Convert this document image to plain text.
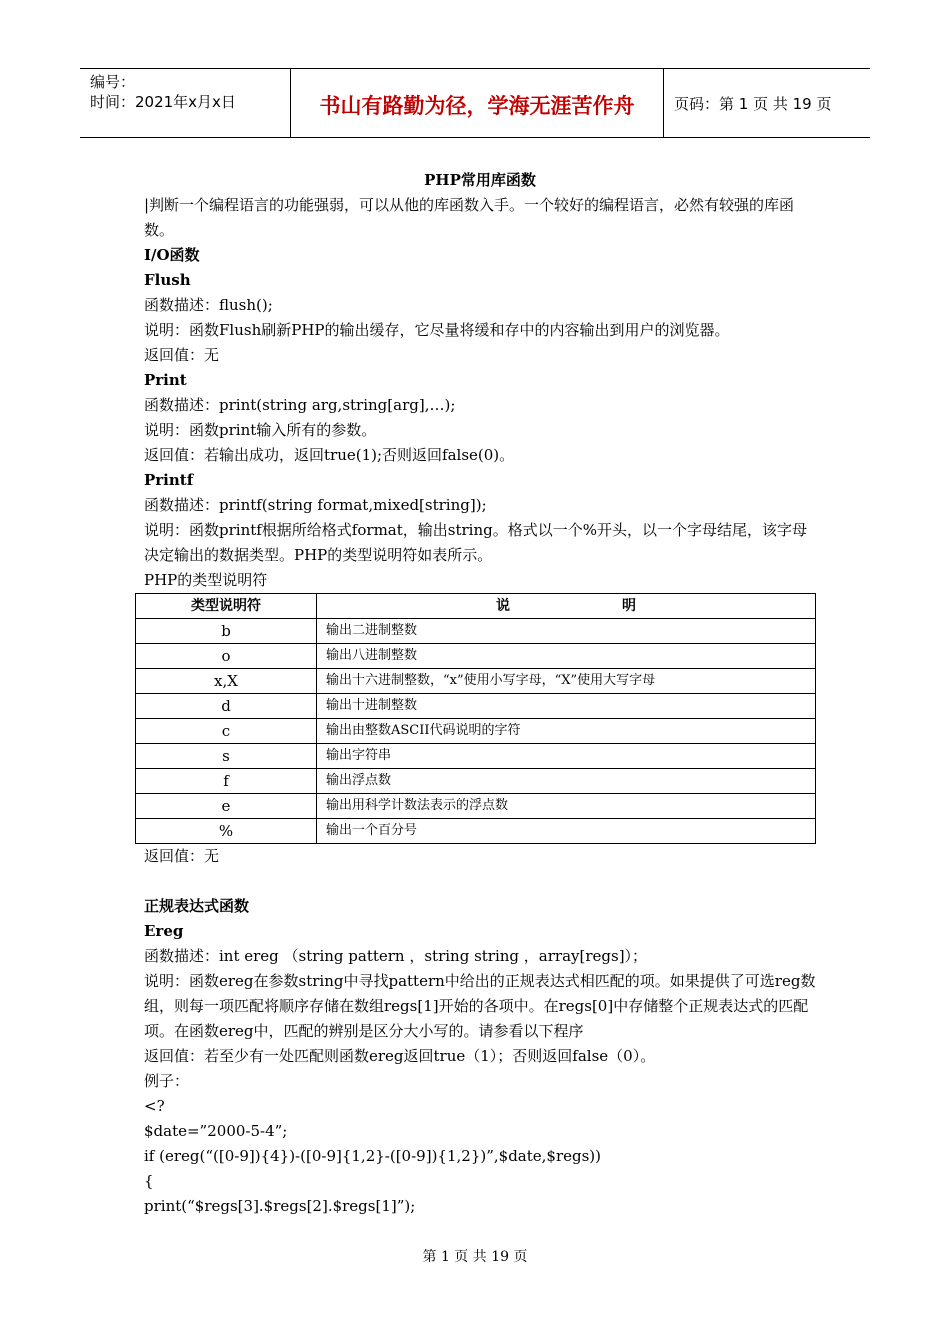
编号：
时间：2021年x月x日	书山有路勤为径，学海无涯苦作舟	页码：第 1 页 共 19 页
PHP常用库函数
|判断一个编程语言的功能强弱，可以从他的库函数入手。一个较好的编程语言，必然有较强的库函数。
I/O函数
Flush
函数描述：flush();
说明：函数Flush刷新PHP的输出缓存，它尽量将缓和存中的内容输出到用户的浏览器。
返回值：无
Print
函数描述：print(string arg,string[arg],…);
说明：函数print输入所有的参数。
返回值：若输出成功，返回true(1);否则返回false(0)。
Printf
函数描述：printf(string format,mixed[string]);
说明：函数printf根据所给格式format，输出string。格式以一个%开头，以一个字母结尾，该字母决定输出的数据类型。PHP的类型说明符如表所示。
PHP的类型说明符
类型说明符	说　　　　　　　　明
b	输出二进制整数
o	输出八进制整数
x,X	输出十六进制整数，“x”使用小写字母，“X”使用大写字母
d	输出十进制整数
c	输出由整数ASCII代码说明的字符
s	输出字符串
f	输出浮点数
e	输出用科学计数法表示的浮点数
%	输出一个百分号
返回值：无
正规表达式函数
Ereg
函数描述：int ereg （string pattern ，string string ，array[regs]）；
说明：函数ereg在参数string中寻找pattern中给出的正规表达式相匹配的项。如果提供了可选reg数组，则每一项匹配将顺序存储在数组regs[1]开始的各项中。在regs[0]中存储整个正规表达式的匹配项。在函数ereg中，匹配的辨别是区分大小写的。请参看以下程序
返回值：若至少有一处匹配则函数ereg返回true（1）；否则返回false（0）。
例子：
<?
$date=”2000-5-4”;
if (ereg(“([0-9]){4})-([0-9]{1,2}-([0-9]){1,2})”,$date,$regs))
{
print(“$regs[3].$regs[2].$regs[1]”);
第 1 页 共 19 页
